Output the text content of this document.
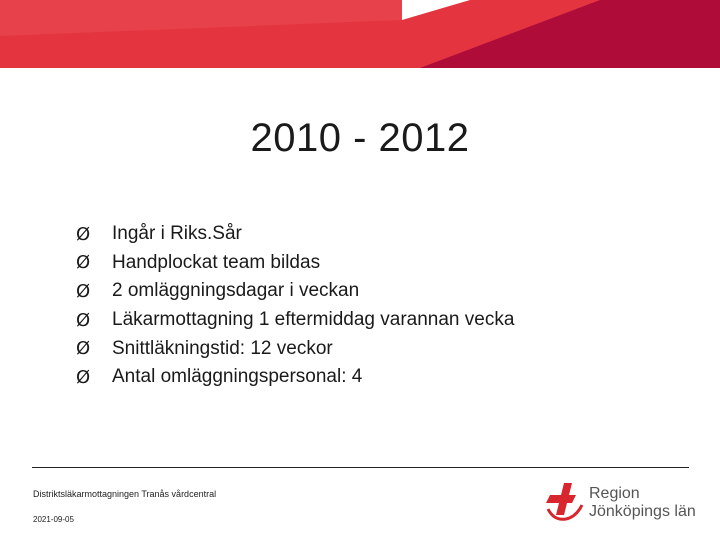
2010 - 2012
Ø	Ingår i Riks.Sår
Ø	Handplockat team bildas
Ø	2 omläggningsdagar i veckan
Ø	Läkarmottagning 1 eftermiddag varannan vecka
Ø	Snittläkningstid: 12 veckor
Ø	Antal omläggningspersonal: 4
Distriktsläkarmottagningen Tranås vårdcentral
2021-09-05
Region
Jönköpings län
